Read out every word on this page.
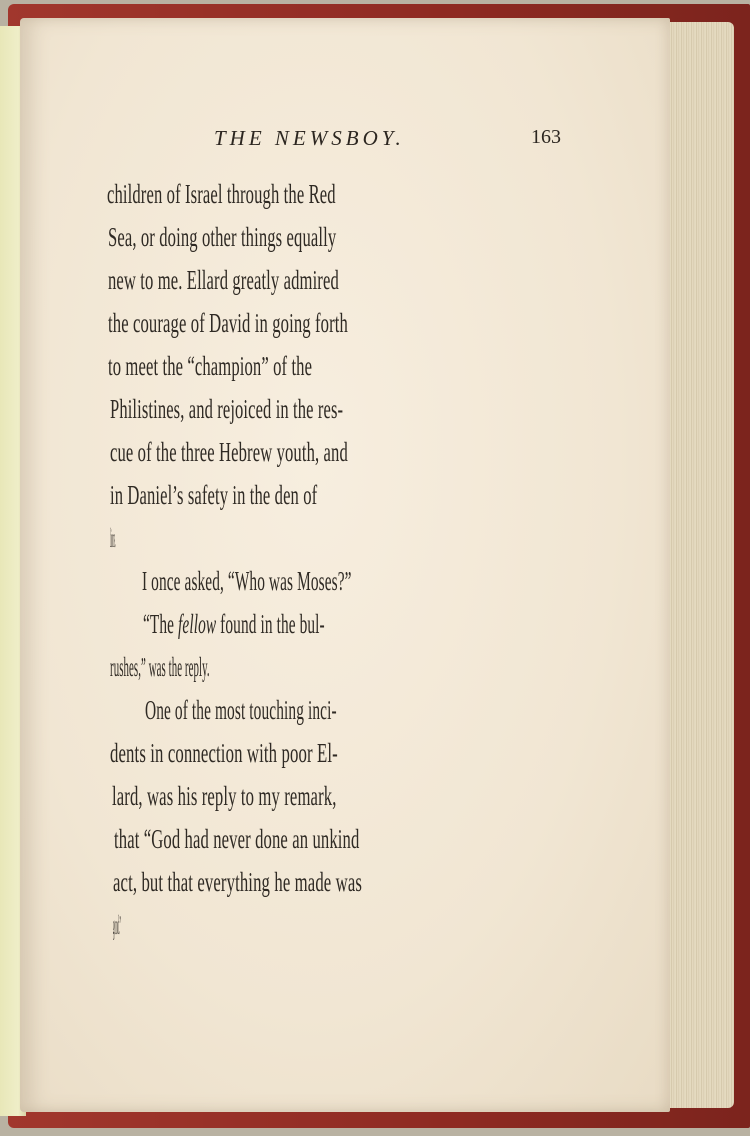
THE NEWSBOY.	163
children of Israel through the Red
Sea, or doing other things equally
new to me. Ellard greatly admired
the courage of David in going forth
to meet the “champion” of the
Philistines, and rejoiced in the res-
cue of the three Hebrew youth, and
in Daniel’s safety in the den of
lions.
I once asked, “Who was Moses?”
“The fellow found in the bul-
rushes,” was the reply.
One of the most touching inci-
dents in connection with poor El-
lard, was his reply to my remark,
that “God had never done an unkind
act, but that everything he made was
good.”
